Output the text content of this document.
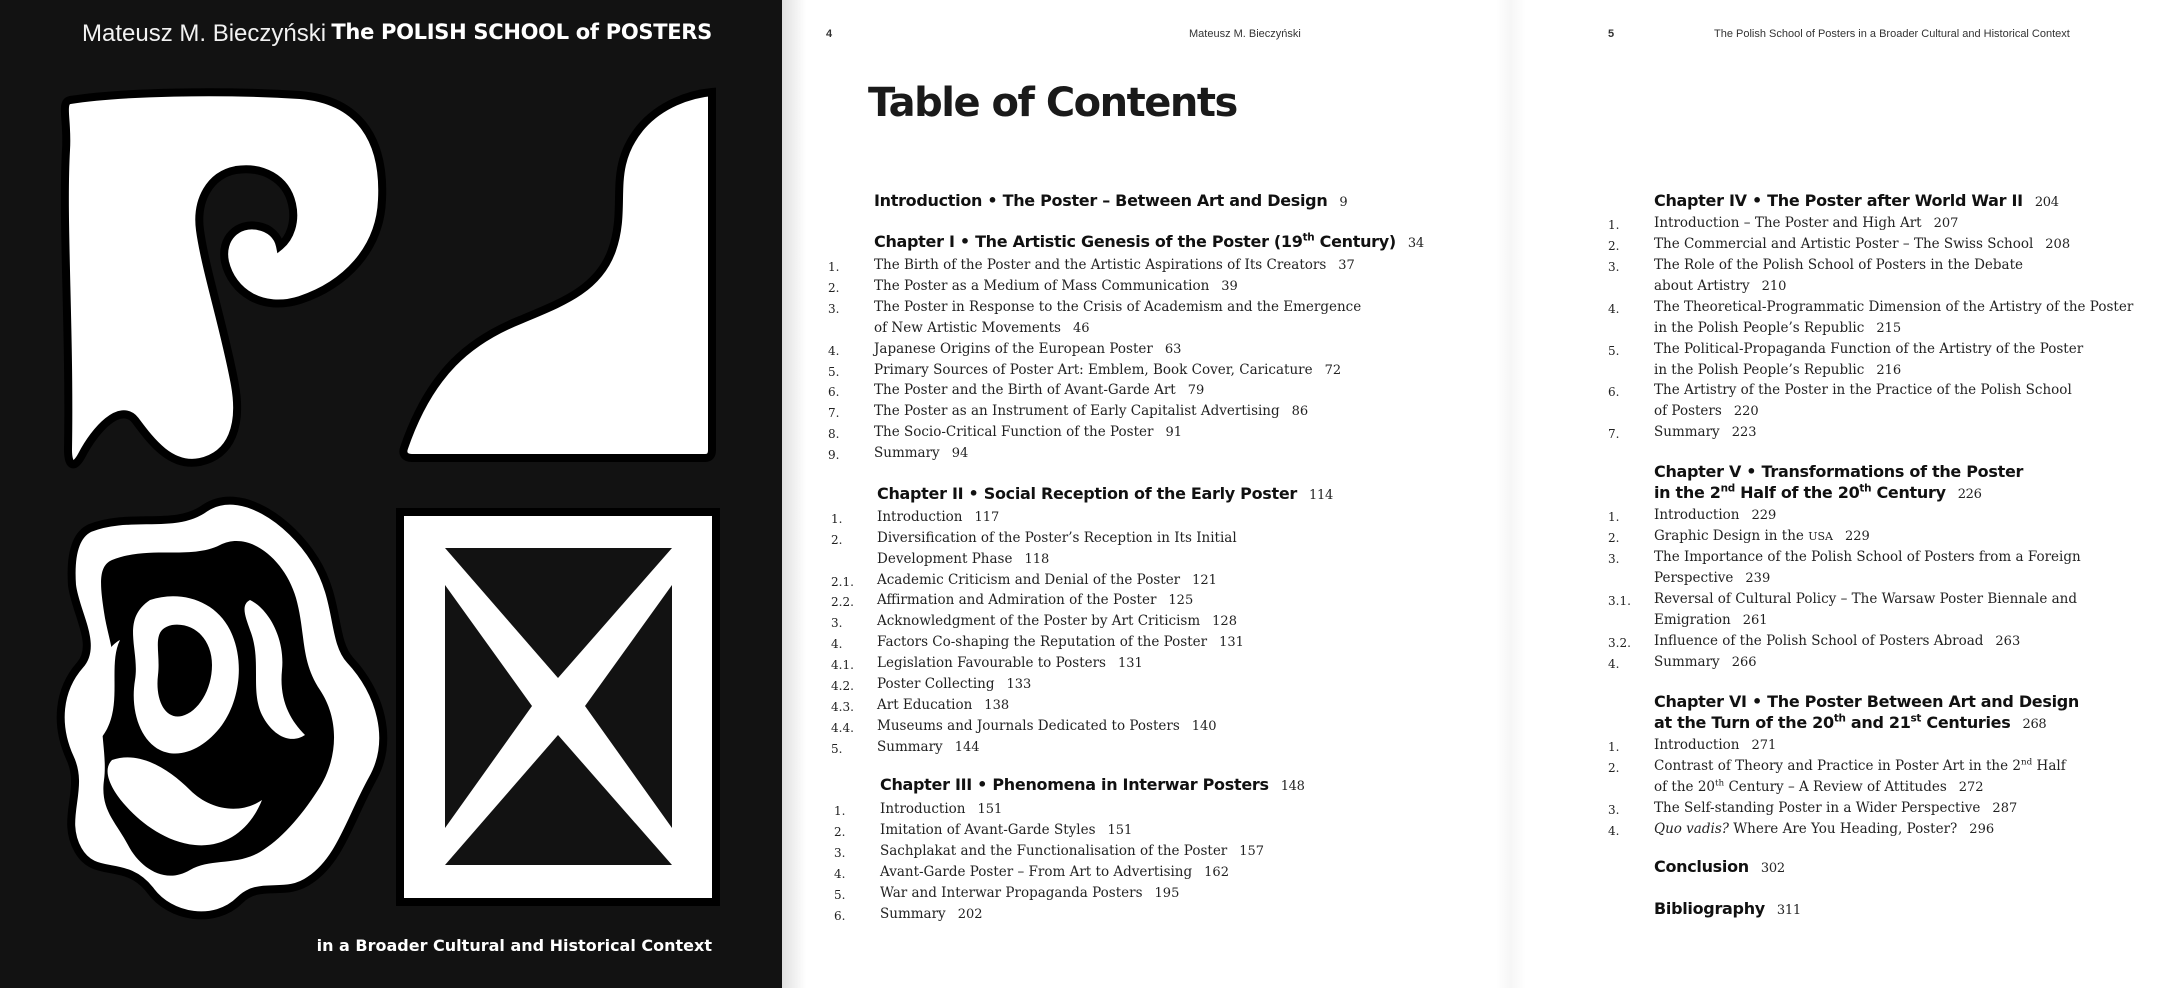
Mateusz M. Bieczyński The POLISH SCHOOL of POSTERS
in a Broader Cultural and Historical Context
4	Mateusz M. Bieczyński	5	The Polish School of Posters in a Broader Cultural and Historical Context
Table of Contents
Introduction • The Poster – Between Art and Design 9
Chapter I • The Artistic Genesis of the Poster (19th Century) 34
1.	The Birth of the Poster and the Artistic Aspirations of Its Creators 37
2.	The Poster as a Medium of Mass Communication 39
3.	The Poster in Response to the Crisis of Academism and the Emergence
of New Artistic Movements 46
4.	Japanese Origins of the European Poster 63
5.	Primary Sources of Poster Art: Emblem, Book Cover, Caricature 72
6.	The Poster and the Birth of Avant-Garde Art 79
7.	The Poster as an Instrument of Early Capitalist Advertising 86
8.	The Socio-Critical Function of the Poster 91
9.	Summary 94
Chapter II • Social Reception of the Early Poster 114
1.	Introduction 117
2.	Diversification of the Poster’s Reception in Its Initial
Development Phase 118
2.1. Academic Criticism and Denial of the Poster 121
2.2. Affirmation and Admiration of the Poster 125
3.	Acknowledgment of the Poster by Art Criticism 128
4.	Factors Co-shaping the Reputation of the Poster 131
4.1. Legislation Favourable to Posters 131
4.2. Poster Collecting 133
4.3. Art Education 138
4.4. Museums and Journals Dedicated to Posters 140
5.	Summary 144
Chapter III • Phenomena in Interwar Posters 148
1.	Introduction 151
2.	Imitation of Avant-Garde Styles 151
3.	Sachplakat and the Functionalisation of the Poster 157
4.	Avant-Garde Poster – From Art to Advertising 162
5.	War and Interwar Propaganda Posters 195
6.	Summary 202
Chapter IV • The Poster after World War II 204
1.	Introduction – The Poster and High Art 207
2.	The Commercial and Artistic Poster – The Swiss School 208
3.	The Role of the Polish School of Posters in the Debate
about Artistry 210
4.	The Theoretical-Programmatic Dimension of the Artistry of the Poster
in the Polish People’s Republic 215
5.	The Political-Propaganda Function of the Artistry of the Poster
in the Polish People’s Republic 216
6.	The Artistry of the Poster in the Practice of the Polish School
of Posters 220
7.	Summary 223
Chapter V • Transformations of the Poster
in the 2nd Half of the 20th Century 226
1.	Introduction 229
2.	Graphic Design in the USA 229
3.	The Importance of the Polish School of Posters from a Foreign
Perspective 239
3.1. Reversal of Cultural Policy – The Warsaw Poster Biennale and
Emigration 261
3.2. Influence of the Polish School of Posters Abroad 263
4.	Summary 266
Chapter VI • The Poster Between Art and Design
at the Turn of the 20th and 21st Centuries 268
1.	Introduction 271
2.	Contrast of Theory and Practice in Poster Art in the 2nd Half
of the 20th Century – A Review of Attitudes 272
3.	The Self-standing Poster in a Wider Perspective 287
4.	Quo vadis? Where Are You Heading, Poster? 296
Conclusion 302
Bibliography 311
